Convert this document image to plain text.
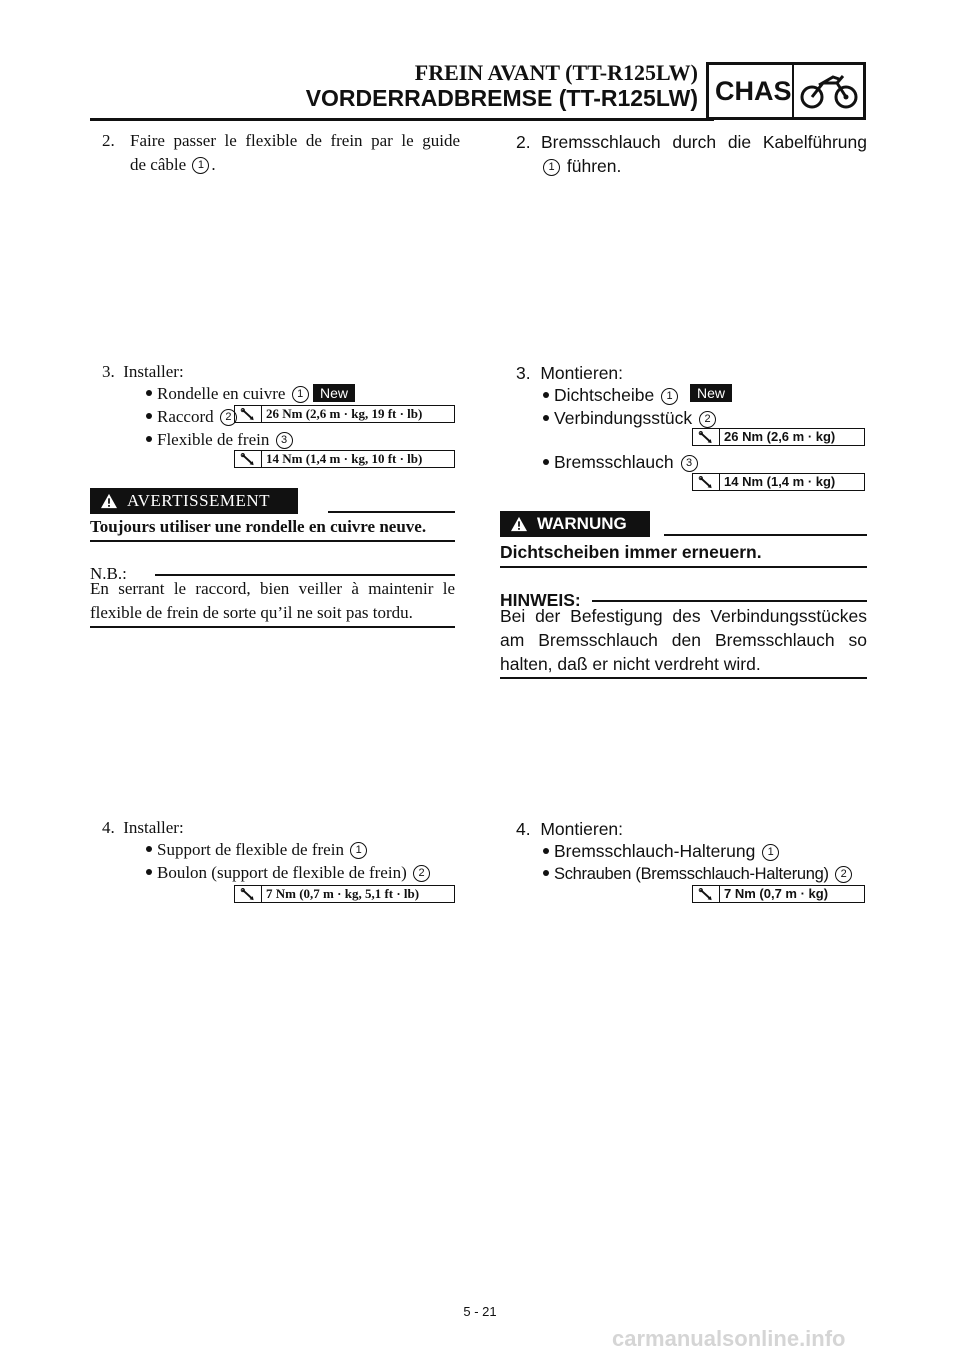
FREIN AVANT (TT-R125LW)
VORDERRADBREMSE (TT-R125LW) CHAS
2. Faire passer le flexible de frein par le guide
de câble 1 .
3. Installer:
Rondelle en cuivre 1	New
Raccord 2	26 Nm (2,6 m · kg, 19 ft · lb)
Flexible de frein 3
14 Nm (1,4 m · kg, 10 ft · lb)
AVERTISSEMENT
Toujours utiliser une rondelle en cuivre neuve.
N.B.:
En serrant le raccord, bien veiller à maintenir le
flexible de frein de sorte qu’il ne soit pas tordu.
4. Installer:
Support de flexible de frein 1
Boulon (support de flexible de frein) 2
7 Nm (0,7 m · kg, 5,1 ft · lb)
2. Bremsschlauch durch die Kabelführung
1 führen.
3. Montieren:
Dichtscheibe 1	New
Verbindungsstück 2
26 Nm (2,6 m · kg)
Bremsschlauch 3
14 Nm (1,4 m · kg)
WARNUNG
Dichtscheiben immer erneuern.
HINWEIS:
Bei der Befestigung des Verbindungsstückes
am Bremsschlauch den Bremsschlauch so
halten, daß er nicht verdreht wird.
4. Montieren:
Bremsschlauch-Halterung 1
Schrauben (Bremsschlauch-Halterung) 2
7 Nm (0,7 m · kg)
5 - 21
carmanualsonline.info
